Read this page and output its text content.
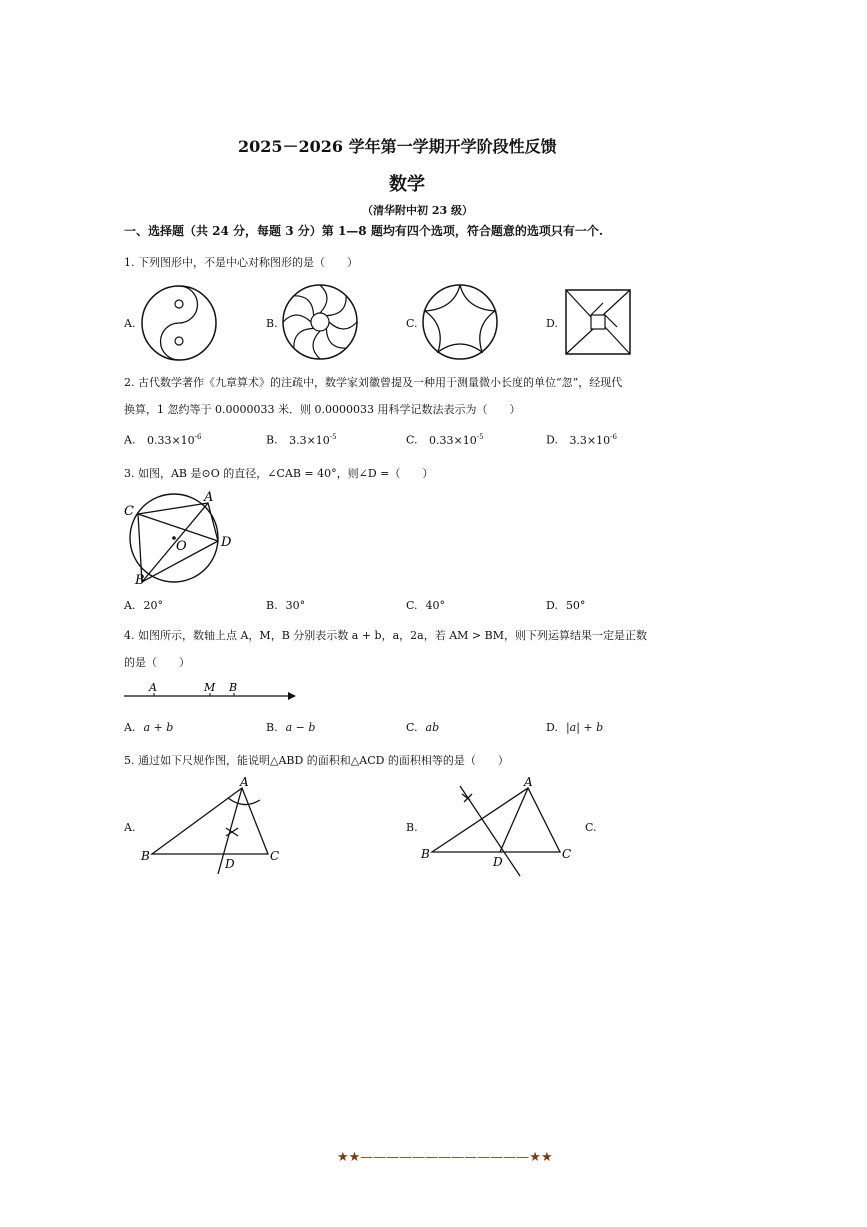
2025－2026 学年第一学期开学阶段性反馈
数学
（清华附中初 23 级）
一、选择题（共 24 分，每题 3 分）第 1—8 题均有四个选项，符合题意的选项只有一个.
1. 下列图形中，不是中心对称图形的是（　　）
A.	B.	C.	D.
2. 古代数学著作《九章算术》的注疏中，数学家刘徽曾提及一种用于测量微小长度的单位“忽”，经现代
换算，1 忽约等于 0.0000033 米．则 0.0000033 用科学记数法表示为（　　）
A. $0.33\times 10^{-6}$	B. $3.3\times 10^{-5}$	C. $0.33\times 10^{-5}$	D. $3.3\times 10^{-6}$
3. 如图，AB 是⊙O 的直径，∠CAB = 40°，则∠D =（　　）
C
A
O	D
B
A. 20°	B. 30°	C. 40°	D. 50°
4. 如图所示，数轴上点 A，M，B 分别表示数 a + b，a，2a，若 AM > BM，则下列运算结果一定是正数
的是（　　）
A	M B
A. a + b	B. a − b	C. ab	D. |a| + b
5. 通过如下尺规作图，能说明△ABD 的面积和△ACD 的面积相等的是（　　）
A.	B.	C.
A
B	C
D
A
B	C
D
★★—————————————★★
